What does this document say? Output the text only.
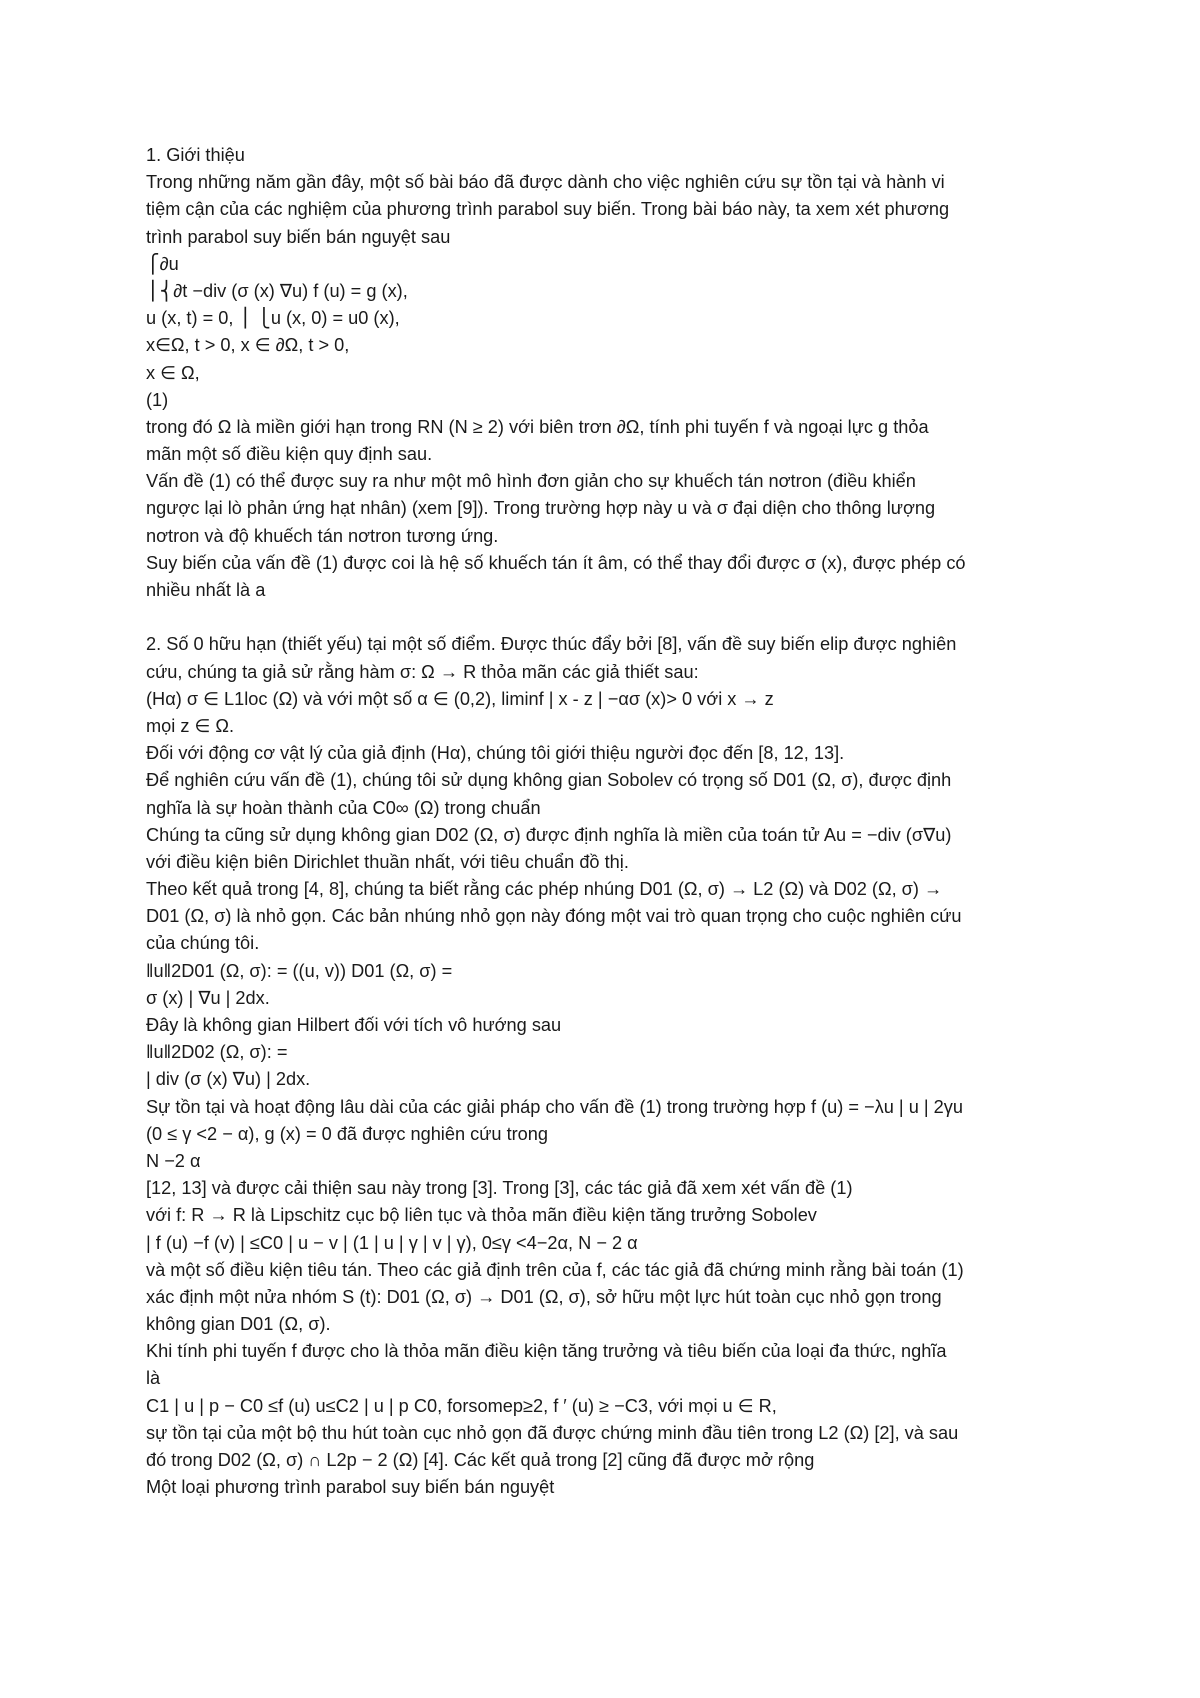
1. Giới thiệu
Trong những năm gần đây, một số bài báo đã được dành cho việc nghiên cứu sự tồn tại và hành vi
tiệm cận của các nghiệm của phương trình parabol suy biến. Trong bài báo này, ta xem xét phương
trình parabol suy biến bán nguyệt sau
⎧∂u
⎪⎨∂t −div (σ (x) ∇u) f (u) = g (x),
u (x, t) = 0, ⎪ ⎩u (x, 0) = u0 (x),
x∈Ω, t > 0, x ∈ ∂Ω, t > 0,
x ∈ Ω,
(1)
trong đó Ω là miền giới hạn trong RN (N ≥ 2) với biên trơn ∂Ω, tính phi tuyến f và ngoại lực g thỏa
mãn một số điều kiện quy định sau.
Vấn đề (1) có thể được suy ra như một mô hình đơn giản cho sự khuếch tán nơtron (điều khiển
ngược lại lò phản ứng hạt nhân) (xem [9]). Trong trường hợp này u và σ đại diện cho thông lượng
nơtron và độ khuếch tán nơtron tương ứng.
Suy biến của vấn đề (1) được coi là hệ số khuếch tán ít âm, có thể thay đổi được σ (x), được phép có
nhiều nhất là a
2. Số 0 hữu hạn (thiết yếu) tại một số điểm. Được thúc đẩy bởi [8], vấn đề suy biến elip được nghiên
cứu, chúng ta giả sử rằng hàm σ: Ω → R thỏa mãn các giả thiết sau:
(Hα) σ ∈ L1loc (Ω) và với một số α ∈ (0,2), liminf | x - z | −ασ (x)> 0 với x → z
mọi z ∈ Ω.
Đối với động cơ vật lý của giả định (Hα), chúng tôi giới thiệu người đọc đến [8, 12, 13].
Để nghiên cứu vấn đề (1), chúng tôi sử dụng không gian Sobolev có trọng số D01 (Ω, σ), được định
nghĩa là sự hoàn thành của C0∞ (Ω) trong chuẩn
Chúng ta cũng sử dụng không gian D02 (Ω, σ) được định nghĩa là miền của toán tử Au = −div (σ∇u)
với điều kiện biên Dirichlet thuần nhất, với tiêu chuẩn đồ thị.
Theo kết quả trong [4, 8], chúng ta biết rằng các phép nhúng D01 (Ω, σ) → L2 (Ω) và D02 (Ω, σ) →
D01 (Ω, σ) là nhỏ gọn. Các bản nhúng nhỏ gọn này đóng một vai trò quan trọng cho cuộc nghiên cứu
của chúng tôi.
‖u‖2D01 (Ω, σ): = ((u, v)) D01 (Ω, σ) =
σ (x) | ∇u | 2dx.
Đây là không gian Hilbert đối với tích vô hướng sau
‖u‖2D02 (Ω, σ): =
| div (σ (x) ∇u) | 2dx.
Sự tồn tại và hoạt động lâu dài của các giải pháp cho vấn đề (1) trong trường hợp f (u) = −λu | u | 2γu
(0 ≤ γ <2 − α), g (x) = 0 đã được nghiên cứu trong
N −2 α
[12, 13] và được cải thiện sau này trong [3]. Trong [3], các tác giả đã xem xét vấn đề (1)
với f: R → R là Lipschitz cục bộ liên tục và thỏa mãn điều kiện tăng trưởng Sobolev
| f (u) −f (v) | ≤C0 | u − v | (1 | u | γ | v | γ), 0≤γ <4−2α, N − 2 α
và một số điều kiện tiêu tán. Theo các giả định trên của f, các tác giả đã chứng minh rằng bài toán (1)
xác định một nửa nhóm S (t): D01 (Ω, σ) → D01 (Ω, σ), sở hữu một lực hút toàn cục nhỏ gọn trong
không gian D01 (Ω, σ).
Khi tính phi tuyến f được cho là thỏa mãn điều kiện tăng trưởng và tiêu biến của loại đa thức, nghĩa
là
C1 | u | p − C0 ≤f (u) u≤C2 | u | p C0, forsomep≥2, f ′ (u) ≥ −C3, với mọi u ∈ R,
sự tồn tại của một bộ thu hút toàn cục nhỏ gọn đã được chứng minh đầu tiên trong L2 (Ω) [2], và sau
đó trong D02 (Ω, σ) ∩ L2p − 2 (Ω) [4]. Các kết quả trong [2] cũng đã được mở rộng
Một loại phương trình parabol suy biến bán nguyệt
